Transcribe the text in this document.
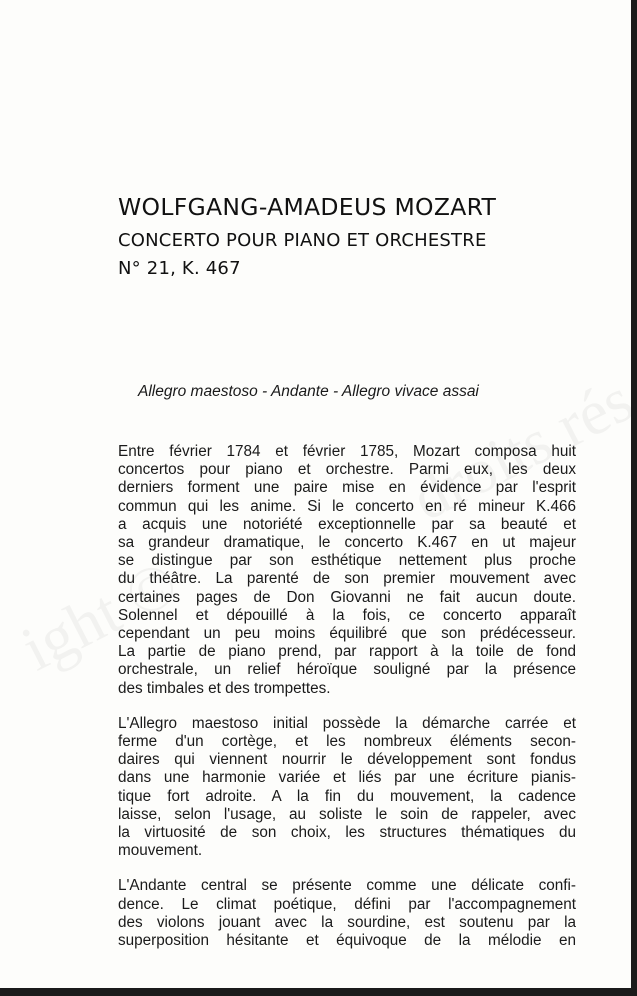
WOLFGANG-AMADEUS MOZART
CONCERTO POUR PIANO ET ORCHESTRE
N° 21, K. 467
Allegro maestoso - Andante - Allegro vivace assai
Entre février 1784 et février 1785, Mozart composa huit
concertos pour piano et orchestre. Parmi eux, les deux
derniers forment une paire mise en évidence par l'esprit
commun qui les anime. Si le concerto en ré mineur K.466
a acquis une notoriété exceptionnelle par sa beauté et
sa grandeur dramatique, le concerto K.467 en ut majeur
se distingue par son esthétique nettement plus proche
du théâtre. La parenté de son premier mouvement avec
certaines pages de Don Giovanni ne fait aucun doute.
Solennel et dépouillé à la fois, ce concerto apparaît
cependant un peu moins équilibré que son prédécesseur.
La partie de piano prend, par rapport à la toile de fond
orchestrale, un relief héroïque souligné par la présence
des timbales et des trompettes.
L'Allegro maestoso initial possède la démarche carrée et
ferme d'un cortège, et les nombreux éléments secon-
daires qui viennent nourrir le développement sont fondus
dans une harmonie variée et liés par une écriture pianis-
tique fort adroite. A la fin du mouvement, la cadence
laisse, selon l'usage, au soliste le soin de rappeler, avec
la virtuosité de son choix, les structures thématiques du
mouvement.
L'Andante central se présente comme une délicate confi-
dence. Le climat poétique, défini par l'accompagnement
des violons jouant avec la sourdine, est soutenu par la
superposition hésitante et équivoque de la mélodie en
